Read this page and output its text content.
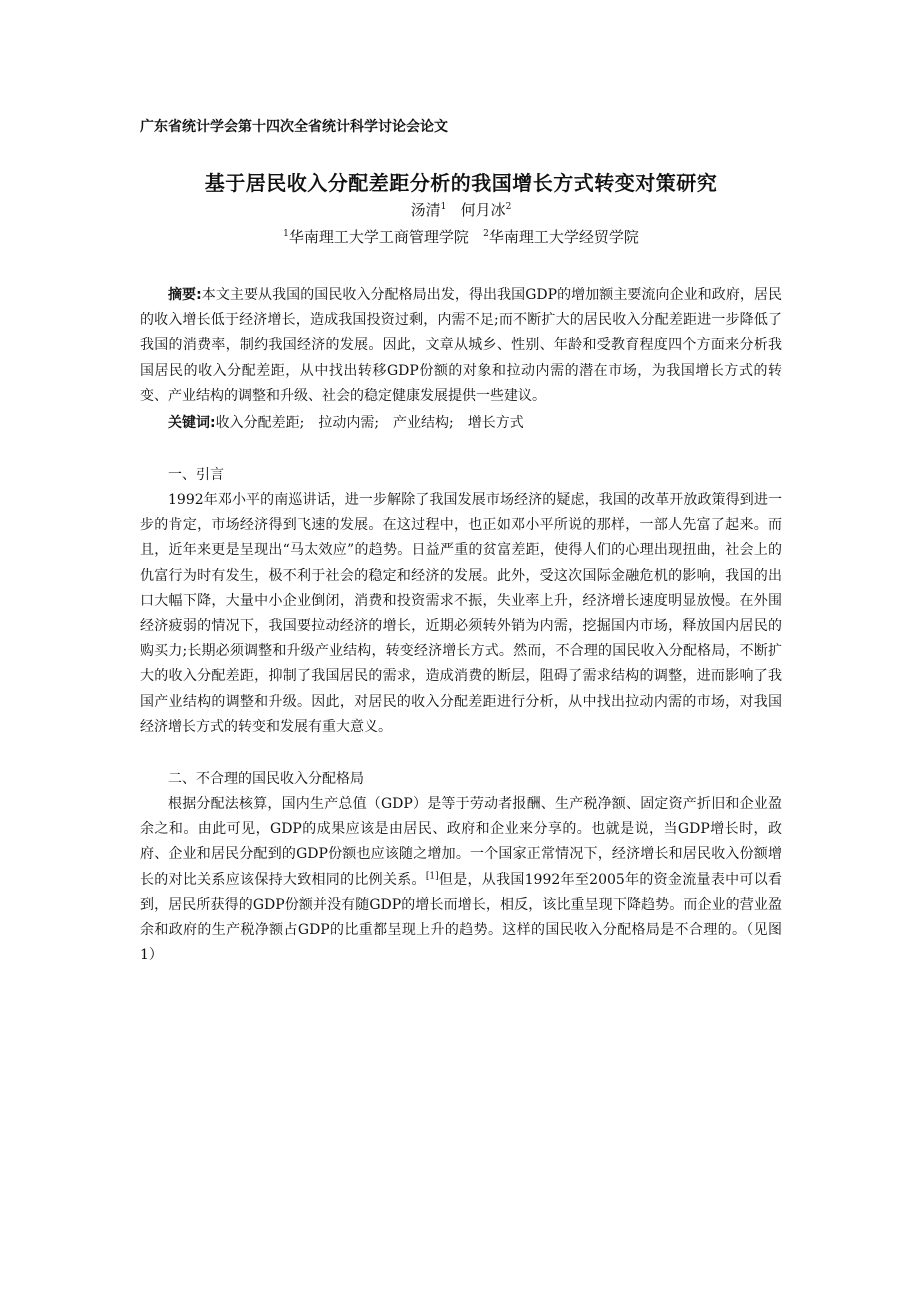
广东省统计学会第十四次全省统计科学讨论会论文

基于居民收入分配差距分析的我国增长方式转变对策研究

汤清$^1$ 何月冰$^2$

$^1$华南理工大学工商管理学院 $^2$华南理工大学经贸学院

摘要:本文主要从我国的国民收入分配格局出发，得出我国GDP的增加额主要流向企业和政府，居民的收入增长低于经济增长，造成我国投资过剩，内需不足;而不断扩大的居民收入分配差距进一步降低了我国的消费率，制约我国经济的发展。因此，文章从城乡、性别、年龄和受教育程度四个方面来分析我国居民的收入分配差距，从中找出转移GDP份额的对象和拉动内需的潜在市场，为我国增长方式的转变、产业结构的调整和升级、社会的稳定健康发展提供一些建议。

关键词:收入分配差距; 拉动内需; 产业结构; 增长方式

一、引言

1992年邓小平的南巡讲话，进一步解除了我国发展市场经济的疑虑，我国的改革开放政策得到进一步的肯定，市场经济得到飞速的发展。在这过程中，也正如邓小平所说的那样，一部人先富了起来。而且，近年来更是呈现出“马太效应”的趋势。日益严重的贫富差距，使得人们的心理出现扭曲，社会上的仇富行为时有发生，极不利于社会的稳定和经济的发展。此外，受这次国际金融危机的影响，我国的出口大幅下降，大量中小企业倒闭，消费和投资需求不振，失业率上升，经济增长速度明显放慢。在外围经济疲弱的情况下，我国要拉动经济的增长，近期必须转外销为内需，挖掘国内市场，释放国内居民的购买力;长期必须调整和升级产业结构，转变经济增长方式。然而，不合理的国民收入分配格局，不断扩大的收入分配差距，抑制了我国居民的需求，造成消费的断层，阻碍了需求结构的调整，进而影响了我国产业结构的调整和升级。因此，对居民的收入分配差距进行分析，从中找出拉动内需的市场，对我国经济增长方式的转变和发展有重大意义。

二、不合理的国民收入分配格局

根据分配法核算，国内生产总值（GDP）是等于劳动者报酬、生产税净额、固定资产折旧和企业盈余之和。由此可见，GDP的成果应该是由居民、政府和企业来分享的。也就是说，当GDP增长时，政府、企业和居民分配到的GDP份额也应该随之增加。一个国家正常情况下，经济增长和居民收入份额增长的对比关系应该保持大致相同的比例关系。[1]但是，从我国1992年至2005年的资金流量表中可以看到，居民所获得的GDP份额并没有随GDP的增长而增长，相反，该比重呈现下降趋势。而企业的营业盈余和政府的生产税净额占GDP的比重都呈现上升的趋势。这样的国民收入分配格局是不合理的。（见图1）
